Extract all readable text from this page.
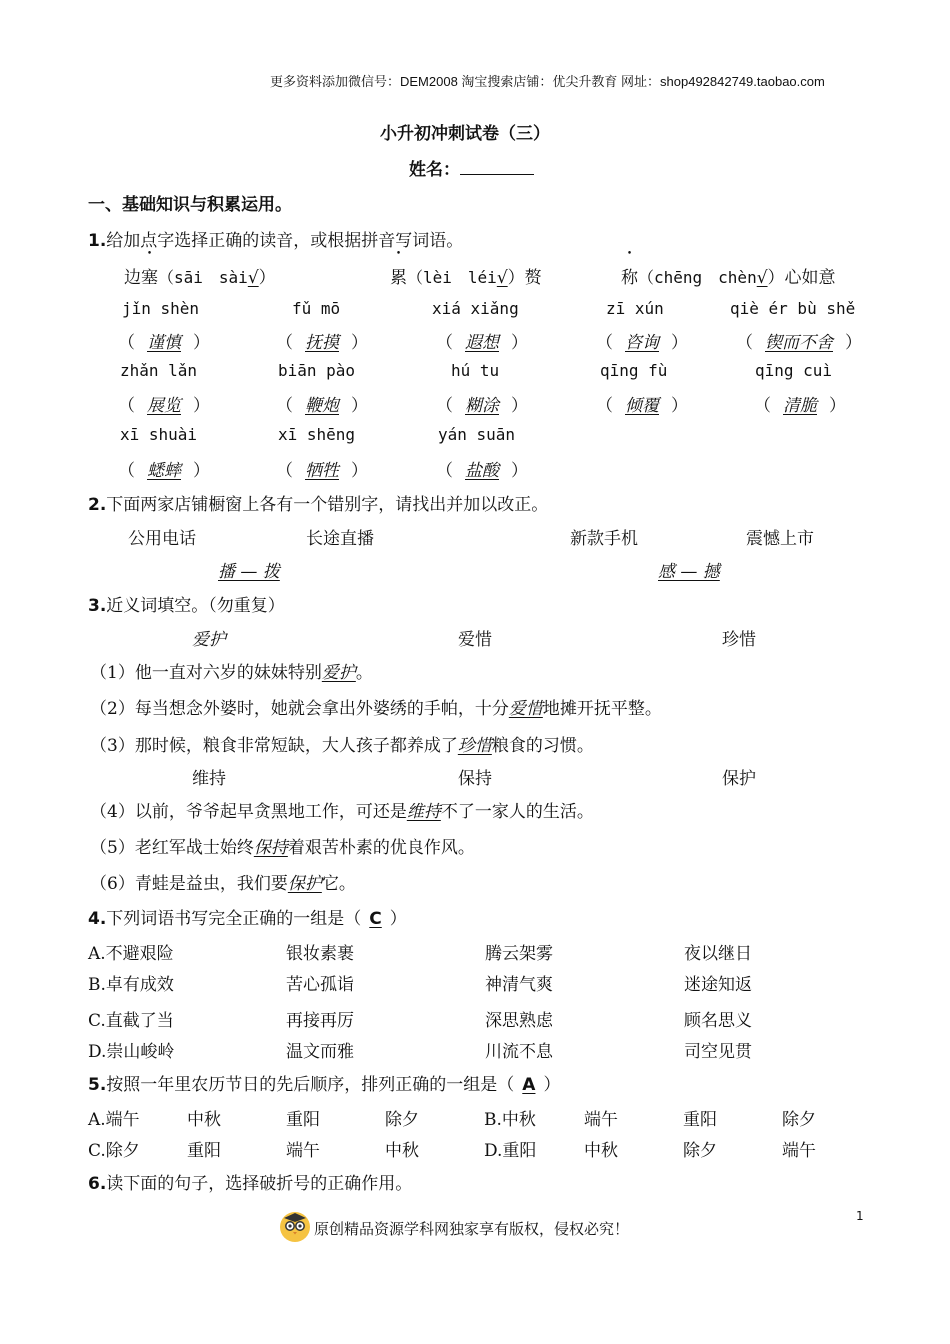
更多资料添加微信号：DEM2008 淘宝搜索店铺：优尖升教育 网址：shop492842749.taobao.com
小升初冲刺试卷（三）
姓名：
一、基础知识与积累运用。
1.给加点字选择正确的读音，或根据拼音写词语。
边塞（sāi　sài√）	累（lèi　léi√）赘	称（chēng　chèn√）心如意
jǐn shèn	fǔ mō	xiá xiǎng	zī xún	qiè ér bù shě
（ 谨慎 ）	（ 抚摸 ）	（ 遐想 ）	（ 咨询 ）	（ 锲而不舍 ）
zhǎn lǎn	biān pào	hú tu	qīng fù	qīng cuì
（ 展览 ）	（ 鞭炮 ）	（ 糊涂 ）	（ 倾覆 ）	（ 清脆 ）
xī shuài	xī shēng	yán suān
（ 蟋蟀 ）	（ 牺牲 ）	（ 盐酸 ）
2.下面两家店铺橱窗上各有一个错别字，请找出并加以改正。
公用电话	长途直播	新款手机	震憾上市
播 — 拨	感 — 撼
3.近义词填空。（勿重复）
爱护	爱惜	珍惜
（1）他一直对六岁的妹妹特别爱护。
（2）每当想念外婆时，她就会拿出外婆绣的手帕，十分爱惜地摊开抚平整。
（3）那时候，粮食非常短缺，大人孩子都养成了珍惜粮食的习惯。
维持	保持	保护
（4）以前，爷爷起早贪黑地工作，可还是维持不了一家人的生活。
（5）老红军战士始终保持着艰苦朴素的优良作风。
（6）青蛙是益虫，我们要保护它。
4.下列词语书写完全正确的一组是（ C ）
A.不避艰险	银妆素裹	腾云架雾	夜以继日
B.卓有成效	苦心孤诣	神清气爽	迷途知返
C.直截了当	再接再厉	深思熟虑	顾名思义
D.崇山峻岭	温文而雅	川流不息	司空见贯
5.按照一年里农历节日的先后顺序，排列正确的一组是（ A ）
A.端午	中秋	重阳	除夕	B.中秋	端午	重阳	除夕
C.除夕	重阳	端午	中秋	D.重阳	中秋	除夕	端午
6.读下面的句子，选择破折号的正确作用。
原创精品资源学科网独家享有版权，侵权必究！
1
